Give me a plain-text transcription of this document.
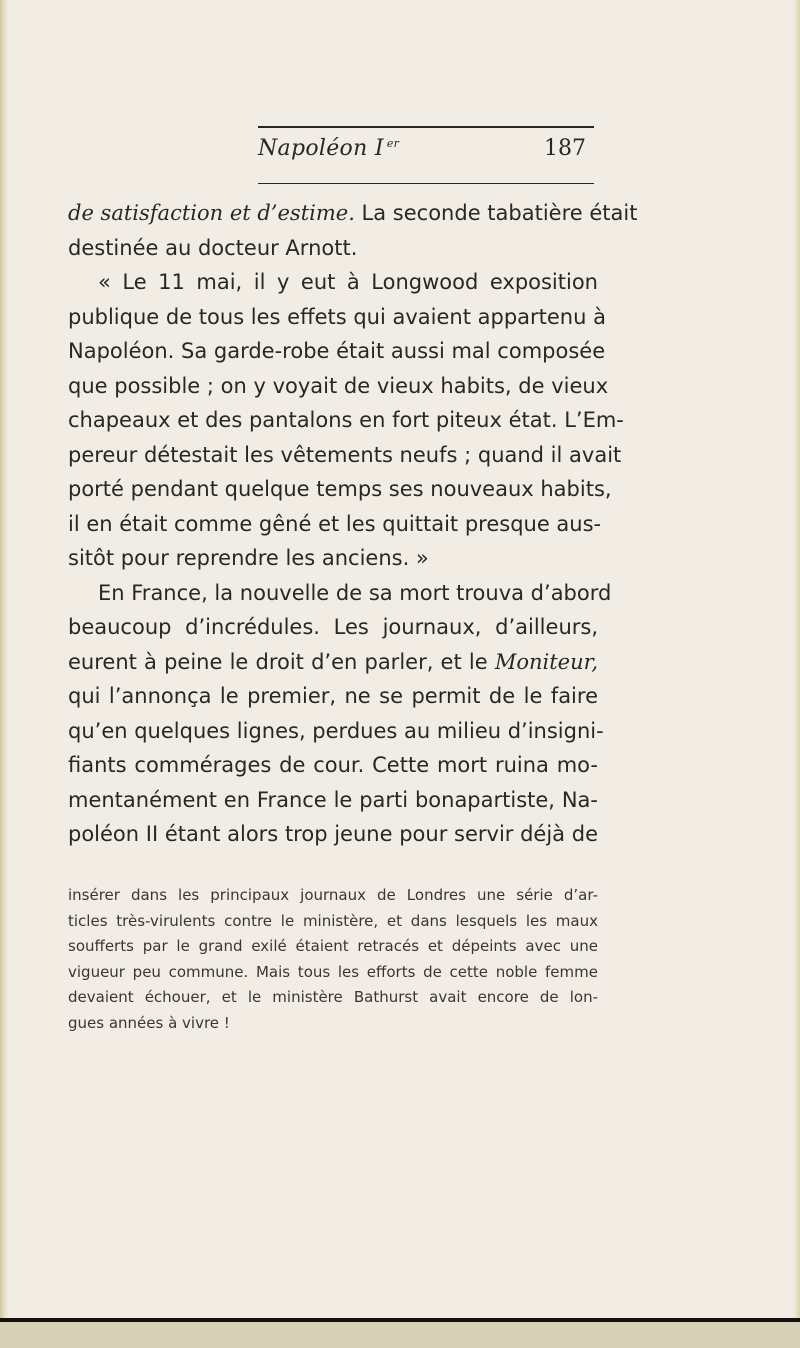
Napoléon I $^{er}$	187
de satisfaction et d’estime. La seconde tabatière était
destinée au docteur Arnott.
« Le 11 mai, il y eut à Longwood exposition
publique de tous les effets qui avaient appartenu à
Napoléon. Sa garde-robe était aussi mal composée
que possible ; on y voyait de vieux habits, de vieux
chapeaux et des pantalons en fort piteux état. L’Em-
pereur détestait les vêtements neufs ; quand il avait
porté pendant quelque temps ses nouveaux habits,
il en était comme gêné et les quittait presque aus-
sitôt pour reprendre les anciens. »
En France, la nouvelle de sa mort trouva d’abord
beaucoup d’incrédules. Les journaux, d’ailleurs,
eurent à peine le droit d’en parler, et le Moniteur,
qui l’annonça le premier, ne se permit de le faire
qu’en quelques lignes, perdues au milieu d’insigni-
fiants commérages de cour. Cette mort ruina mo-
mentanément en France le parti bonapartiste, Na-
poléon II étant alors trop jeune pour servir déjà de
insérer dans les principaux journaux de Londres une série d’ar-
ticles très-virulents contre le ministère, et dans lesquels les maux
soufferts par le grand exilé étaient retracés et dépeints avec une
vigueur peu commune. Mais tous les efforts de cette noble femme
devaient échouer, et le ministère Bathurst avait encore de lon-
gues années à vivre !
